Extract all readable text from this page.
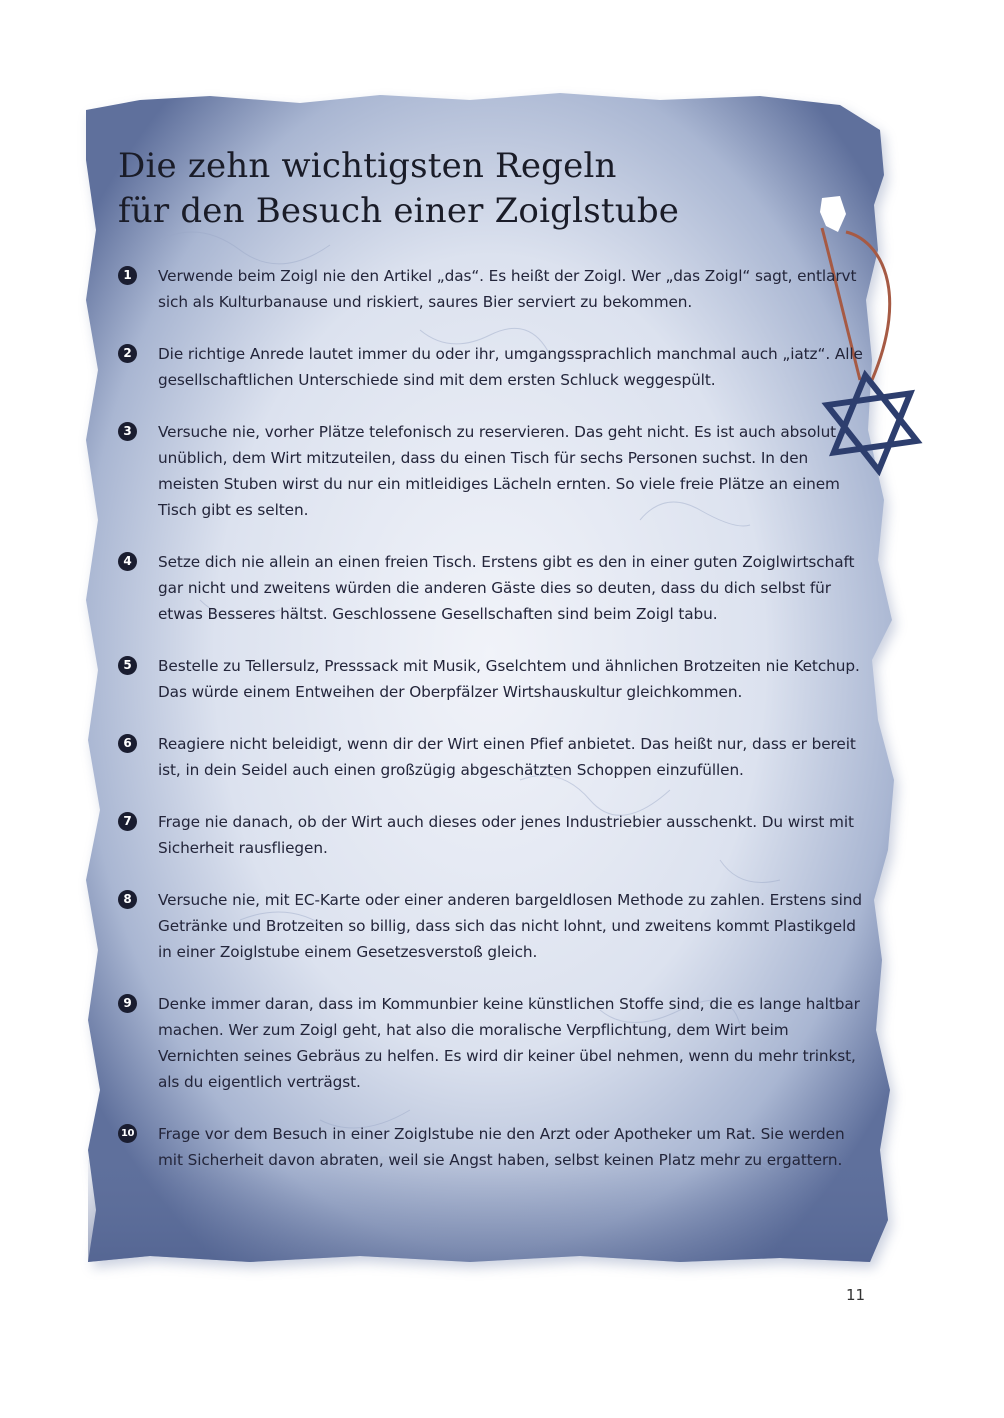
Die zehn wichtigsten Regeln
für den Besuch einer Zoiglstube
1	Verwende beim Zoigl nie den Artikel „das“. Es heißt der Zoigl. Wer „das Zoigl“ sagt, entlarvt sich als Kulturbanause und riskiert, saures Bier serviert zu bekommen.

2	Die richtige Anrede lautet immer du oder ihr, umgangssprachlich manchmal auch „iatz“. Alle gesellschaftlichen Unterschiede sind mit dem ersten Schluck weggespült.

3	Versuche nie, vorher Plätze telefonisch zu reservieren. Das geht nicht. Es ist auch absolut unüblich, dem Wirt mitzuteilen, dass du einen Tisch für sechs Personen suchst. In den meisten Stuben wirst du nur ein mitleidiges Lächeln ernten. So viele freie Plätze an einem Tisch gibt es selten.

4	Setze dich nie allein an einen freien Tisch. Erstens gibt es den in einer guten Zoiglwirtschaft gar nicht und zweitens würden die anderen Gäste dies so deuten, dass du dich selbst für etwas Besseres hältst. Geschlossene Gesellschaften sind beim Zoigl tabu.

5	Bestelle zu Tellersulz, Presssack mit Musik, Gselchtem und ähnlichen Brotzeiten nie Ketchup. Das würde einem Entweihen der Oberpfälzer Wirtshauskultur gleichkommen.

6	Reagiere nicht beleidigt, wenn dir der Wirt einen Pfief anbietet. Das heißt nur, dass er bereit ist, in dein Seidel auch einen großzügig abgeschätzten Schoppen einzufüllen.

7	Frage nie danach, ob der Wirt auch dieses oder jenes Industriebier ausschenkt. Du wirst mit Sicherheit rausfliegen.

8	Versuche nie, mit EC-Karte oder einer anderen bargeldlosen Methode zu zahlen. Erstens sind Getränke und Brotzeiten so billig, dass sich das nicht lohnt, und zweitens kommt Plastikgeld in einer Zoiglstube einem Gesetzesverstoß gleich.

9	Denke immer daran, dass im Kommunbier keine künstlichen Stoffe sind, die es lange haltbar machen. Wer zum Zoigl geht, hat also die moralische Verpflichtung, dem Wirt beim Vernichten seines Gebräus zu helfen. Es wird dir keiner übel nehmen, wenn du mehr trinkst, als du eigentlich verträgst.

10 Frage vor dem Besuch in einer Zoiglstube nie den Arzt oder Apotheker um Rat. Sie werden mit Sicherheit davon abraten, weil sie Angst haben, selbst keinen Platz mehr zu ergattern.

11
